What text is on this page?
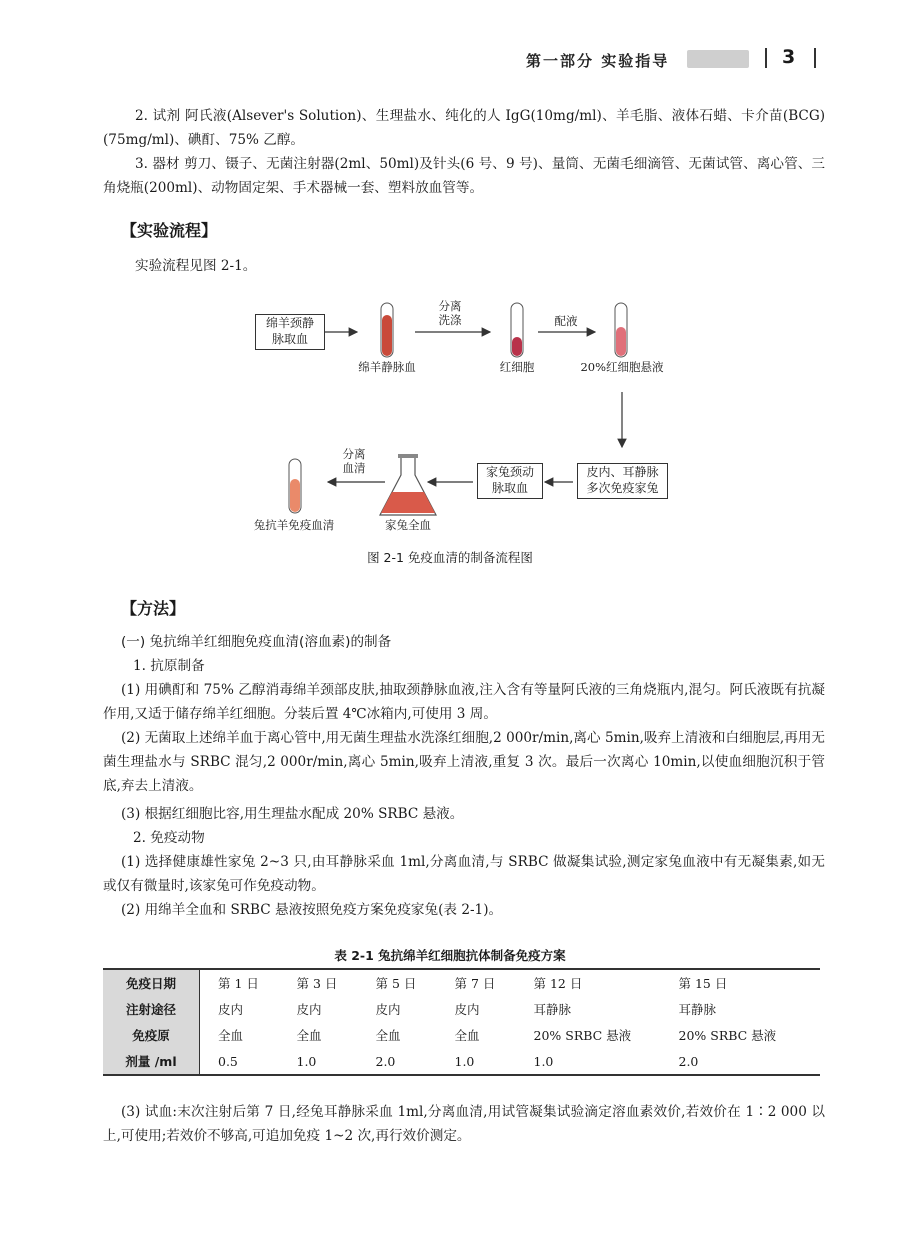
第一部分 实验指导	3

2. 试剂 阿氏液(Alsever's Solution)、生理盐水、纯化的人 IgG(10mg/ml)、羊毛脂、液体石蜡、卡介苗(BCG)(75mg/ml)、碘酊、75% 乙醇。

3. 器材 剪刀、镊子、无菌注射器(2ml、50ml)及针头(6 号、9 号)、量筒、无菌毛细滴管、无菌试管、离心管、三角烧瓶(200ml)、动物固定架、手术器械一套、塑料放血管等。

【实验流程】
实验流程见图 2-1。
绵羊颈静
脉取血
绵羊静脉血
分离
洗涤
红细胞
配液
20%红细胞悬液
皮内、耳静脉
多次免疫家兔
家兔颈动
脉取血
家兔全血
分离
血清
兔抗羊免疫血清
图 2-1 免疫血清的制备流程图
【方法】
(一) 兔抗绵羊红细胞免疫血清(溶血素)的制备
1. 抗原制备

(1) 用碘酊和 75% 乙醇消毒绵羊颈部皮肤,抽取颈静脉血液,注入含有等量阿氏液的三角烧瓶内,混匀。阿氏液既有抗凝作用,又适于储存绵羊红细胞。分装后置 4℃冰箱内,可使用 3 周。

(2) 无菌取上述绵羊血于离心管中,用无菌生理盐水洗涤红细胞,2 000r/min,离心 5min,吸弃上清液和白细胞层,再用无菌生理盐水与 SRBC 混匀,2 000r/min,离心 5min,吸弃上清液,重复 3 次。最后一次离心 10min,以使血细胞沉积于管底,弃去上清液。

(3) 根据红细胞比容,用生理盐水配成 20% SRBC 悬液。
2. 免疫动物

(1) 选择健康雄性家兔 2~3 只,由耳静脉采血 1ml,分离血清,与 SRBC 做凝集试验,测定家兔血液中有无凝集素,如无或仅有微量时,该家兔可作免疫动物。

(2) 用绵羊全血和 SRBC 悬液按照免疫方案免疫家兔(表 2-1)。
表 2-1 兔抗绵羊红细胞抗体制备免疫方案
免疫日期	第 1 日	第 3 日	第 5 日	第 7 日	第 12 日	第 15 日
注射途径	皮内	皮内	皮内	皮内	耳静脉	耳静脉
免疫原	全血	全血	全血	全血	20% SRBC 悬液	20% SRBC 悬液
剂量 /ml	0.5	1.0	2.0	1.0	1.0	2.0

(3) 试血:末次注射后第 7 日,经兔耳静脉采血 1ml,分离血清,用试管凝集试验滴定溶血素效价,若效价在 1∶2 000 以上,可使用;若效价不够高,可追加免疫 1~2 次,再行效价测定。
